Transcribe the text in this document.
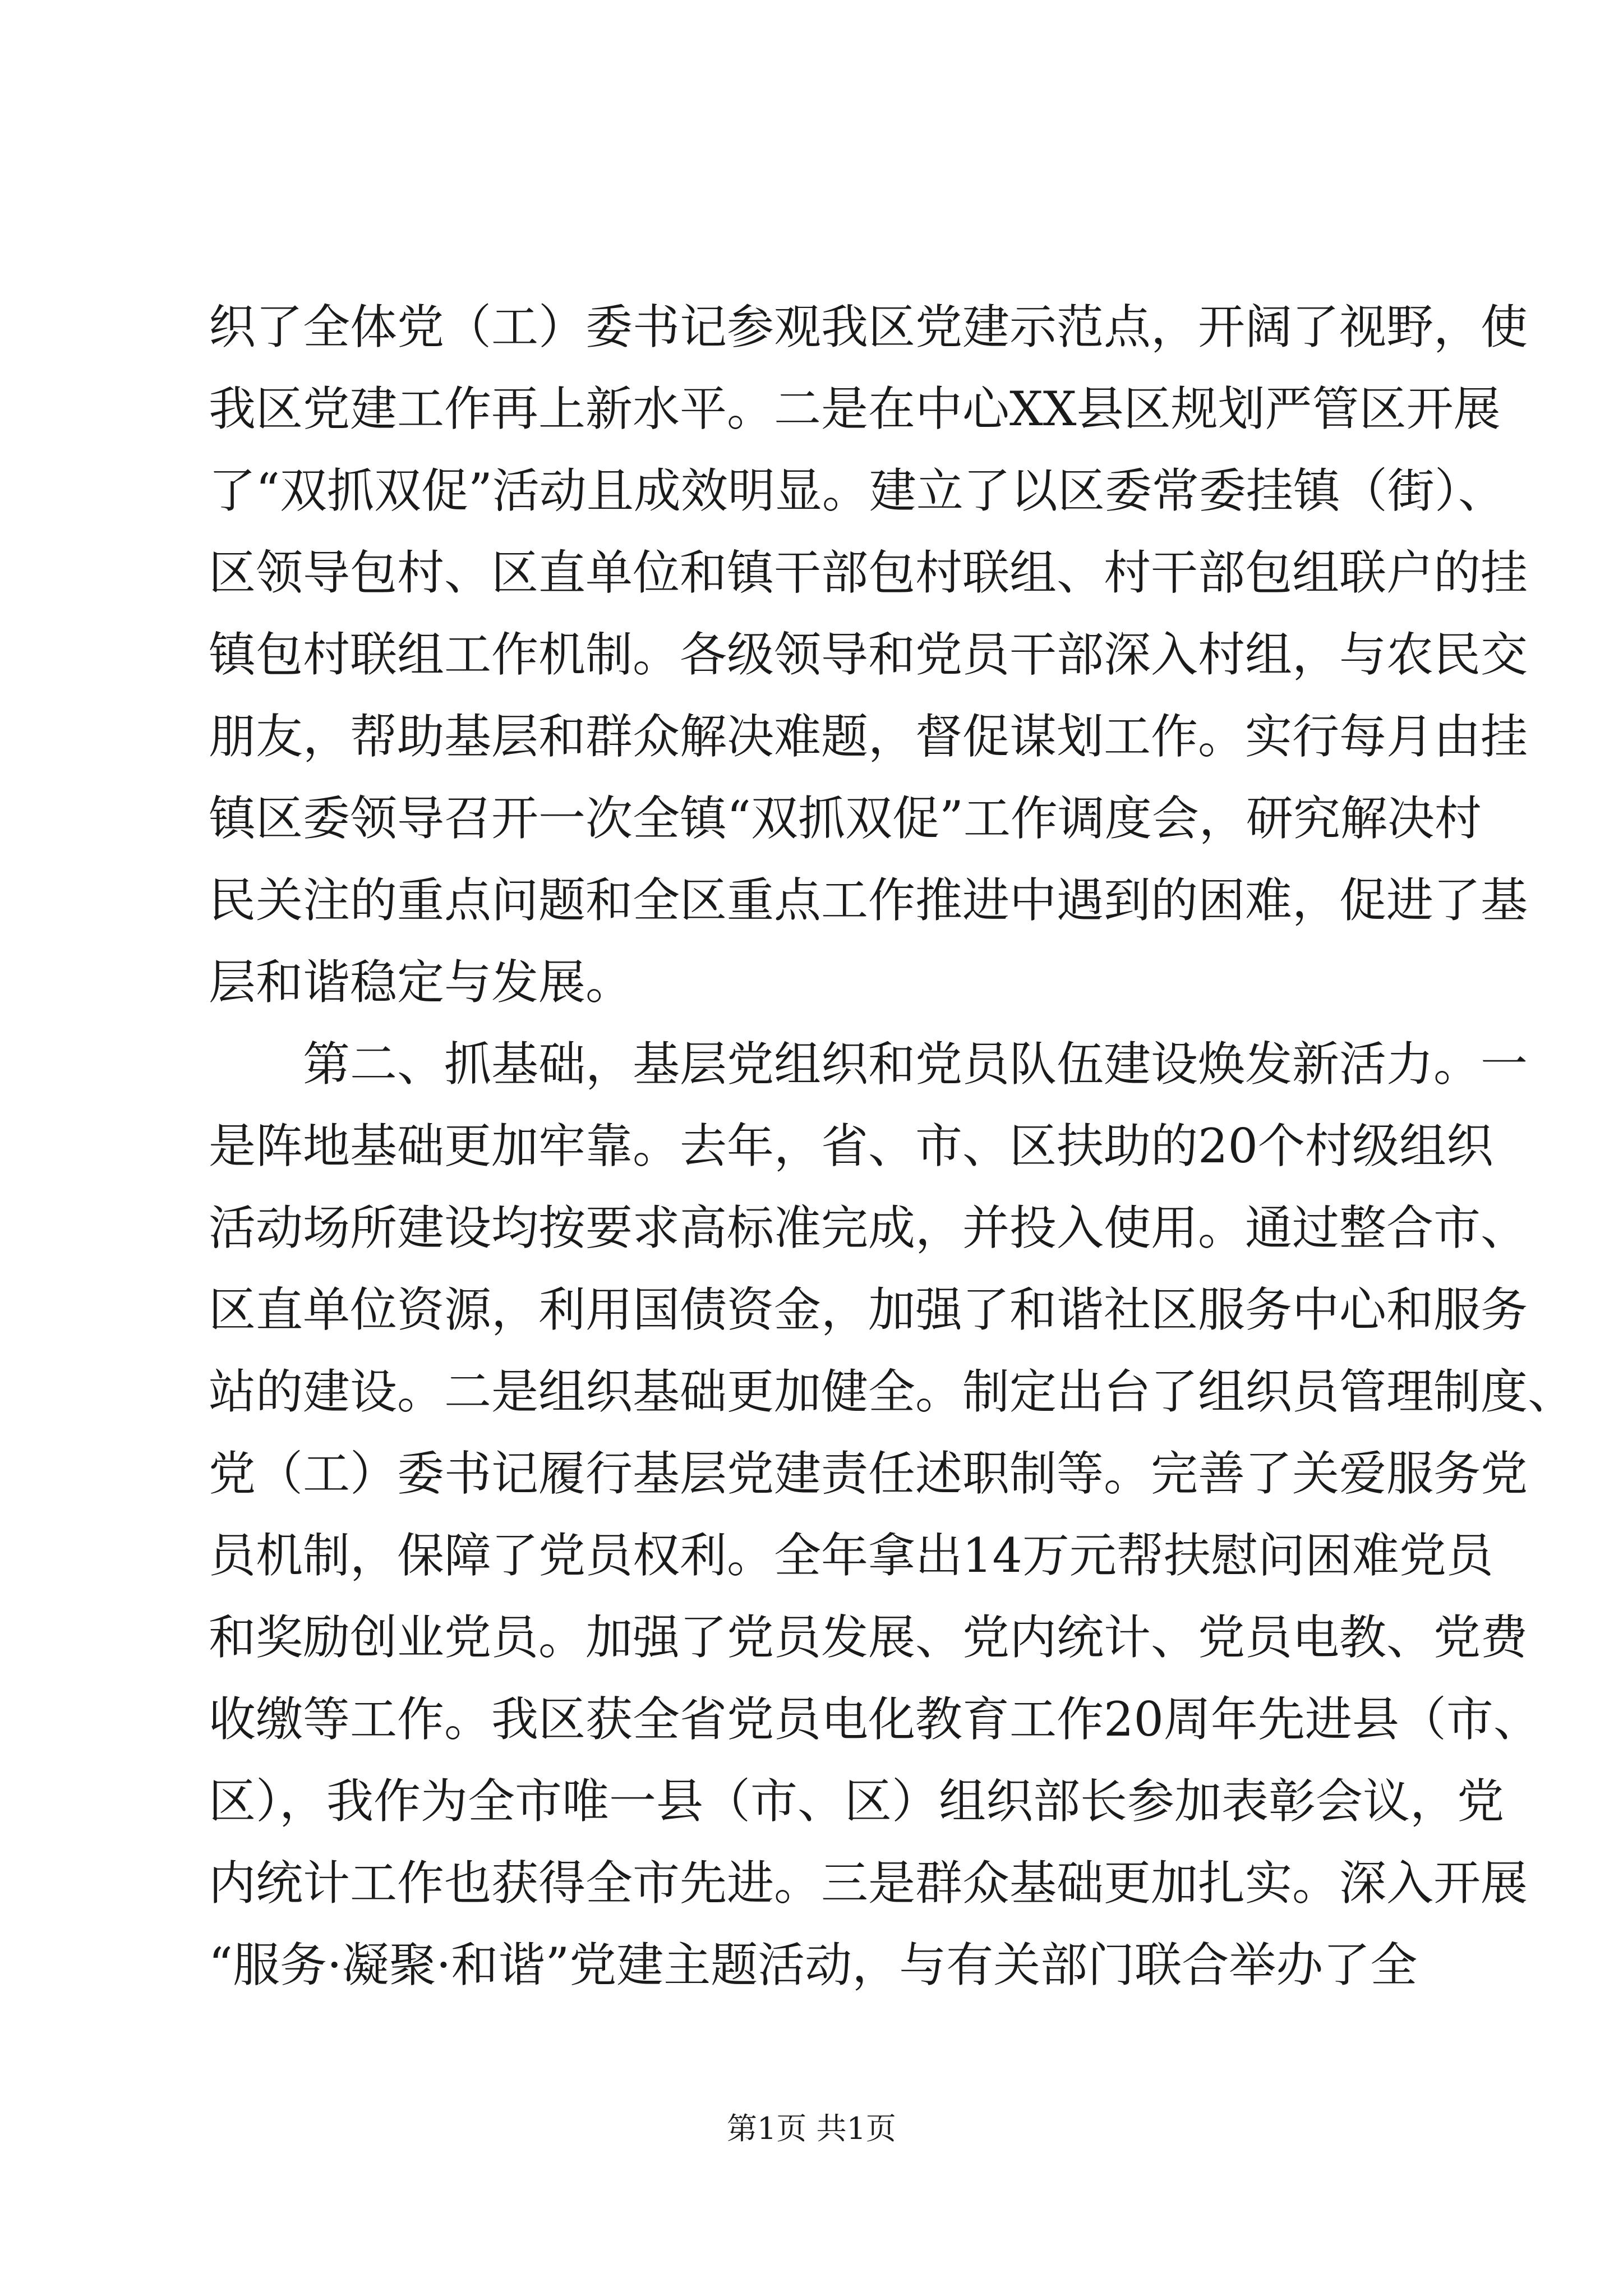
织了全体党（工）委书记参观我区党建示范点，开阔了视野，使
我区党建工作再上新水平。二是在中心XX县区规划严管区开展
了“双抓双促”活动且成效明显。建立了以区委常委挂镇（街）、
区领导包村、区直单位和镇干部包村联组、村干部包组联户的挂
镇包村联组工作机制。各级领导和党员干部深入村组，与农民交
朋友，帮助基层和群众解决难题，督促谋划工作。实行每月由挂
镇区委领导召开一次全镇“双抓双促”工作调度会，研究解决村
民关注的重点问题和全区重点工作推进中遇到的困难，促进了基
层和谐稳定与发展。
　　第二、抓基础，基层党组织和党员队伍建设焕发新活力。一
是阵地基础更加牢靠。去年，省、市、区扶助的20个村级组织
活动场所建设均按要求高标准完成，并投入使用。通过整合市、
区直单位资源，利用国债资金，加强了和谐社区服务中心和服务
站的建设。二是组织基础更加健全。制定出台了组织员管理制度、
党（工）委书记履行基层党建责任述职制等。完善了关爱服务党
员机制，保障了党员权利。全年拿出14万元帮扶慰问困难党员
和奖励创业党员。加强了党员发展、党内统计、党员电教、党费
收缴等工作。我区获全省党员电化教育工作20周年先进县（市、
区），我作为全市唯一县（市、区）组织部长参加表彰会议，党
内统计工作也获得全市先进。三是群众基础更加扎实。深入开展
“服务·凝聚·和谐”党建主题活动，与有关部门联合举办了全
第1页 共1页
